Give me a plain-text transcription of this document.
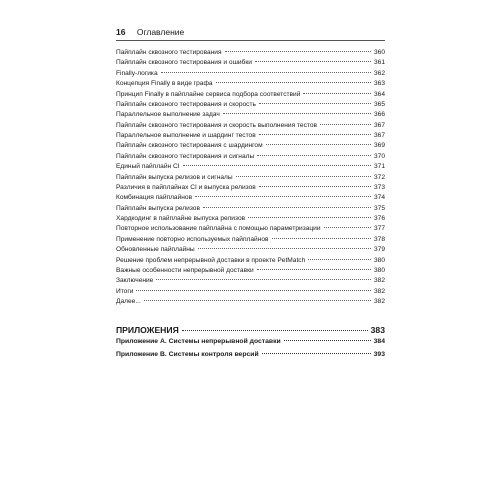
16 Оглавление
Пайплайн сквозного тестирования	360
Пайплайн сквозного тестирования и ошибки	361
Finally-логика	362
Концепция Finally в виде графа	363
Принцип Finally в пайплайне сервиса подбора соответствий	364
Пайплайн сквозного тестирования и скорость	365
Параллельное выполнение задач	366
Пайплайн сквозного тестирования и скорость выполнения тестов	367
Параллельное выполнение и шардинг тестов	367
Пайплайн сквозного тестирования с шардингом	369
Пайплайн сквозного тестирования и сигналы	370
Единый пайплайн CI	371
Пайплайн выпуска релизов и сигналы	372
Различия в пайплайнах CI и выпуска релизов	373
Комбинация пайплайнов	374
Пайплайн выпуска релизов	375
Хардкодинг в пайплайне выпуска релизов	376
Повторное использование пайплайна с помощью параметризации	377
Применение повторно используемых пайплайнов	378
Обновленные пайплайны	379
Решение проблем непрерывной доставки в проекте PetMatch	380
Важные особенности непрерывной доставки	380
Заключение	382
Итоги	382
Далее...	382
ПРИЛОЖЕНИЯ	383
Приложение А. Системы непрерывной доставки	384
Приложение В. Системы контроля версий	393
